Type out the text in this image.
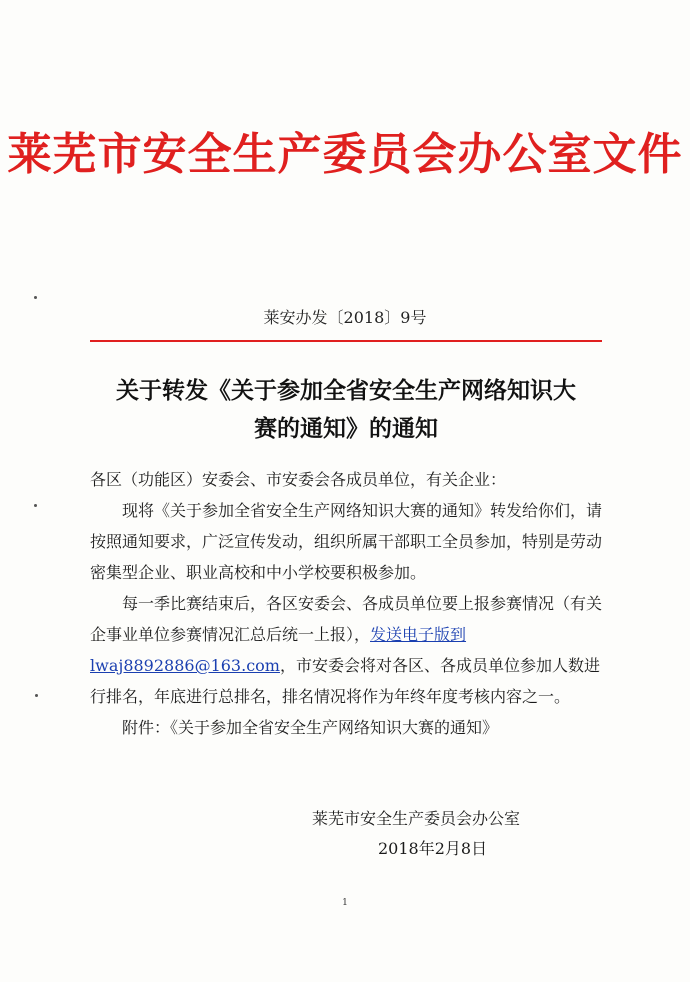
莱芜市安全生产委员会办公室文件
莱安办发〔2018〕9号
关于转发《关于参加全省安全生产网络知识大
赛的通知》的通知

各区（功能区）安委会、市安委会各成员单位，有关企业：

现将《关于参加全省安全生产网络知识大赛的通知》转发给你们，请按照通知要求，广泛宣传发动，组织所属干部职工全员参加，特别是劳动密集型企业、职业高校和中小学校要积极参加。

每一季比赛结束后，各区安委会、各成员单位要上报参赛情况（有关企事业单位参赛情况汇总后统一上报），发送电子版到lwaj8892886@163.com，市安委会将对各区、各成员单位参加人数进行排名，年底进行总排名，排名情况将作为年终年度考核内容之一。

附件：《关于参加全省安全生产网络知识大赛的通知》

莱芜市安全生产委员会办公室
2018年2月8日
1
